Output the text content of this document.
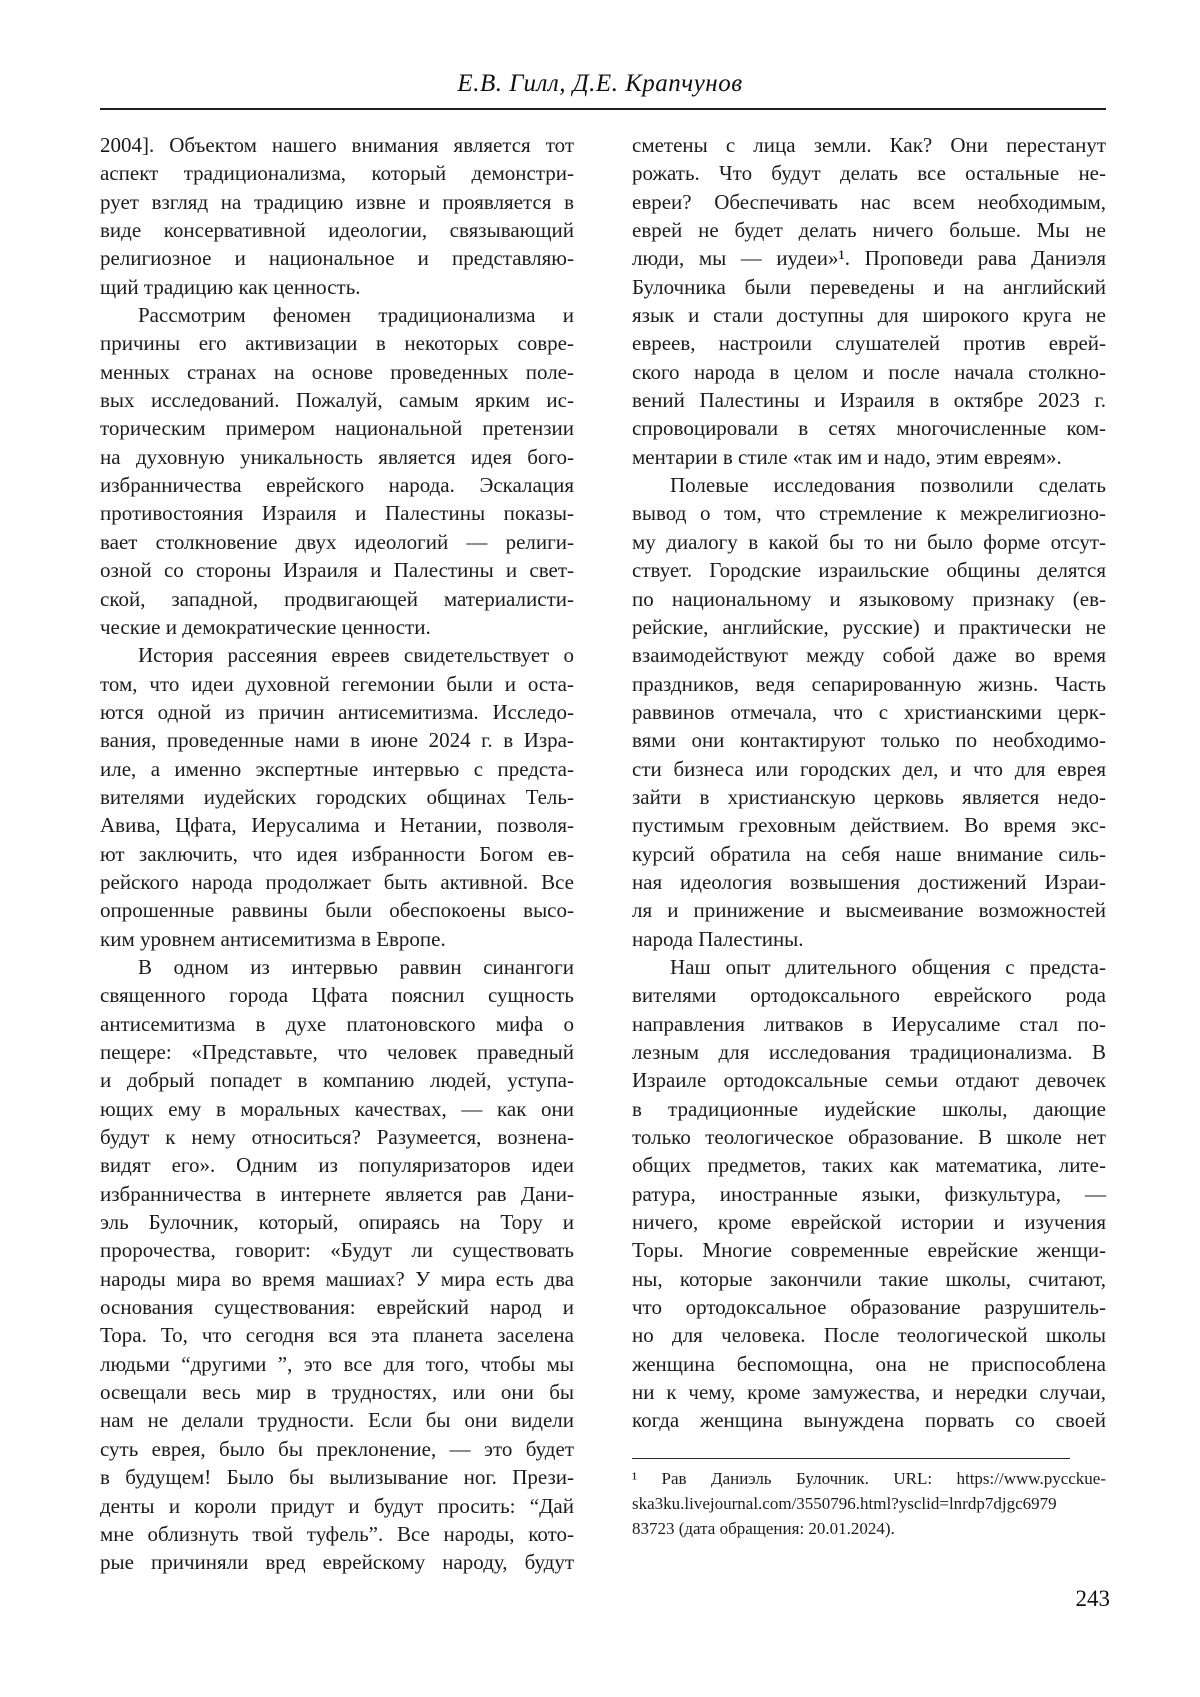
Е.В. Гилл, Д.Е. Крапчунов
2004]. Объектом нашего внимания является тот
аспект традиционализма, который демонстри-
рует взгляд на традицию извне и проявляется в
виде консервативной идеологии, связывающий
религиозное и национальное и представляю-
щий традицию как ценность.
Рассмотрим феномен традиционализма и
причины его активизации в некоторых совре-
менных странах на основе проведенных поле-
вых исследований. Пожалуй, самым ярким ис-
торическим примером национальной претензии
на духовную уникальность является идея бого-
избранничества еврейского народа. Эскалация
противостояния Израиля и Палестины показы-
вает столкновение двух идеологий — религи-
озной со стороны Израиля и Палестины и свет-
ской, западной, продвигающей материалисти-
ческие и демократические ценности.
История рассеяния евреев свидетельствует о
том, что идеи духовной гегемонии были и оста-
ются одной из причин антисемитизма. Исследо-
вания, проведенные нами в июне 2024 г. в Изра-
иле, а именно экспертные интервью с предста-
вителями иудейских городских общинах Тель-
Авива, Цфата, Иерусалима и Нетании, позволя-
ют заключить, что идея избранности Богом ев-
рейского народа продолжает быть активной. Все
опрошенные раввины были обеспокоены высо-
ким уровнем антисемитизма в Европе.
В одном из интервью раввин синангоги
священного города Цфата пояснил сущность
антисемитизма в духе платоновского мифа о
пещере: «Представьте, что человек праведный
и добрый попадет в компанию людей, уступа-
ющих ему в моральных качествах, — как они
будут к нему относиться? Разумеется, вознена-
видят его». Одним из популяризаторов идеи
избранничества в интернете является рав Дани-
эль Булочник, который, опираясь на Тору и
пророчества, говорит: «Будут ли существовать
народы мира во время машиах? У мира есть два
основания существования: еврейский народ и
Тора. То, что сегодня вся эта планета заселена
людьми “другими ”, это все для того, чтобы мы
освещали весь мир в трудностях, или они бы
нам не делали трудности. Если бы они видели
суть еврея, было бы преклонение, — это будет
в будущем! Было бы вылизывание ног. Прези-
денты и короли придут и будут просить: “Дай
мне облизнуть твой туфель”. Все народы, кото-
рые причиняли вред еврейскому народу, будут
сметены с лица земли. Как? Они перестанут
рожать. Что будут делать все остальные не-
евреи? Обеспечивать нас всем необходимым,
еврей не будет делать ничего больше. Мы не
люди, мы — иудеи»¹. Проповеди рава Даниэля
Булочника были переведены и на английский
язык и стали доступны для широкого круга не
евреев, настроили слушателей против еврей-
ского народа в целом и после начала столкно-
вений Палестины и Израиля в октябре 2023 г.
спровоцировали в сетях многочисленные ком-
ментарии в стиле «так им и надо, этим евреям».
Полевые исследования позволили сделать
вывод о том, что стремление к межрелигиозно-
му диалогу в какой бы то ни было форме отсут-
ствует. Городские израильские общины делятся
по национальному и языковому признаку (ев-
рейские, английские, русские) и практически не
взаимодействуют между собой даже во время
праздников, ведя сепарированную жизнь. Часть
раввинов отмечала, что с христианскими церк-
вями они контактируют только по необходимо-
сти бизнеса или городских дел, и что для еврея
зайти в христианскую церковь является недо-
пустимым греховным действием. Во время экс-
курсий обратила на себя наше внимание силь-
ная идеология возвышения достижений Израи-
ля и принижение и высмеивание возможностей
народа Палестины.
Наш опыт длительного общения с предста-
вителями ортодоксального еврейского рода
направления литваков в Иерусалиме стал по-
лезным для исследования традиционализма. В
Израиле ортодоксальные семьи отдают девочек
в традиционные иудейские школы, дающие
только теологическое образование. В школе нет
общих предметов, таких как математика, лите-
ратура, иностранные языки, физкультура, —
ничего, кроме еврейской истории и изучения
Торы. Многие современные еврейские женщи-
ны, которые закончили такие школы, считают,
что ортодоксальное образование разрушитель-
но для человека. После теологической школы
женщина беспомощна, она не приспособлена
ни к чему, кроме замужества, и нередки случаи,
когда женщина вынуждена порвать со своей
¹ Рав Даниэль Булочник. URL: https://www.pycckue-
ska3ku.livejournal.com/3550796.html?ysclid=lnrdp7djgc6979
83723 (дата обращения: 20.01.2024).
243
